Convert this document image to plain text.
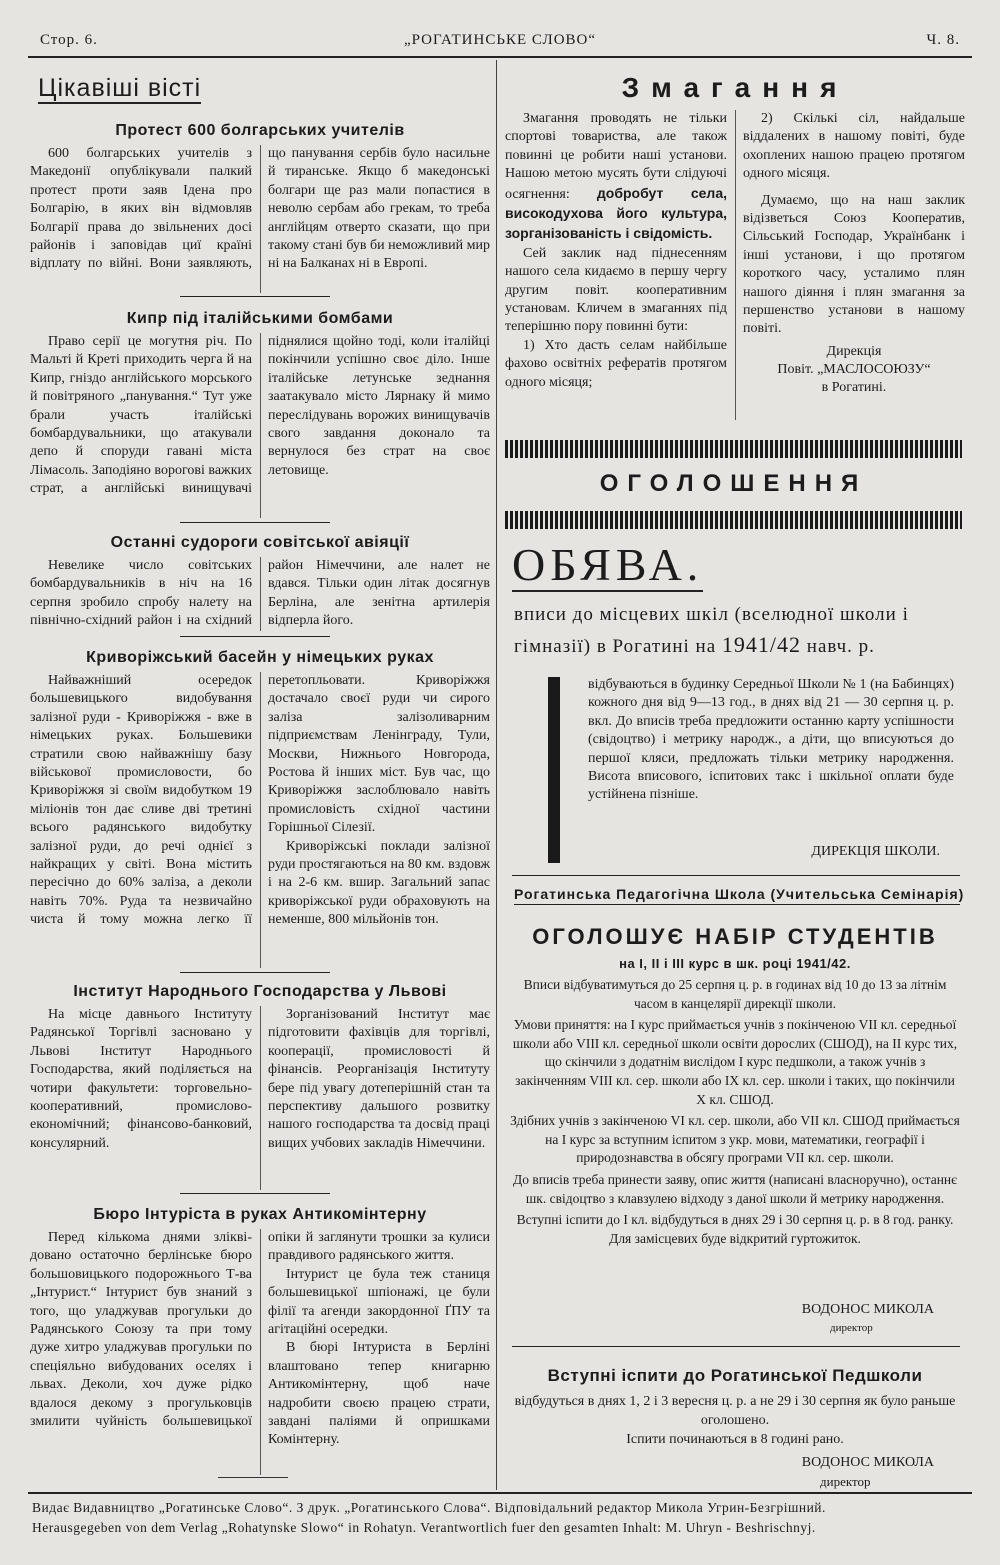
Стор. 6.	„РОГАТИНСЬКЕ СЛОВО“	Ч. 8.
Цікавіші вісті
Протест 600 болгарських учителів
600 болгарських учителів з Македонії опублікували палкий протест проти заяв Ідена про Болгарію, в яких він відмовляв Болгарії права до звільнених досі районів і заповідав циї країні відплату по війні. Вони заявляють, що панування сербів було насильне й тиранське. Якщо б македонські болгари ще раз мали попастися в неволю сербам або грекам, то треба англійцям отверто сказати, що при такому стані був би неможливий мир ні на Балканах ні в Европі.
Кипр під італійськими бомбами
Право серії це могутня річ. По Мальті й Креті приходить черга й на Кипр, гніздо англійського морського й повітряного „панування.“ Тут уже брали участь італійські бомбардувальники, що атакували депо й споруди гавані міста Лімасоль. Заподіяно ворогові важких страт, а англійські винищувачі піднялися щойно тоді, коли італійці покінчили успішно своє діло. Інше італійське летунське зеднання заатакувало місто Лярнаку й мимо переслідувань ворожих винищувачів свого завдання доконало та вернулося без страт на своє летовище.
Останні судороги совітської авіяції
Невелике число совітських бомбардувальників в ніч на 16 серпня зробило спробу налету на північно-східний район і на східний район Німеччини, але налет не вдався. Тільки один літак досягнув Берліна, але зенітна артилерія відперла його.
Криворіжський басейн у німецьких руках
Найважніший осередок большевицького видобування залізної руди - Криворіжжя - вже в німецьких руках. Большевики стратили свою найважнішу базу військової промисловости, бо Криворіжжя зі своїм видобутком 19 мілiонів тон дає сливе дві третині всього радянського видобутку залізної руди, до речі однієї з найкращих у світі. Вона містить пересічно до 60% заліза, а деколи навіть 70%. Руда та незвичайно чиста й тому можна легко її перетопльовати. Криворіжжя достачало своєї руди чи сирого заліза залізоливарним підприємствам Ленінграду, Тули, Москви, Нижнього Новгорода, Ростова й інших міст. Був час, що Криворіжжя заслоблювало навіть промисловість східної частини Горішньої Сілезії.
Криворіжські поклади залізної руди простягаються на 80 км. вздовж і на 2-6 км. вшир. Загальний запас криворіжської руди обраховують на неменше, 800 мільйонів тон.
Інститут Народнього Господарства у Львові
На місце давнього Інституту Радянської Торгівлі засновано у Львові Інститут Народнього Господарства, який поділяється на чотири факультети: торговельно-кооперативний, промислово-економічний; фінансово-банковий, консулярний.
Зорганізований Інститут має підготовити фахівців для торгівлі, кооперації, промисловості й фінансів. Реорганізація Інституту бере під увагу дотеперішній стан та перспективу дальшого розвитку нашого господарства та досвід праці вищих учбових закладів Німеччини.
Бюро Інтуріста в руках Антикомінтерну
Перед кількома днями зліквідовано остаточно берлінське бюро большовицького подорожнього Т-ва „Інтурист.“ Інтурист був знаний з того, що уладжував прогульки до Радянського Союзу та при тому дуже хитро уладжував прогульки по спеціяльно вибудованих оселях і львах. Деколи, хоч дуже рідко вдалося декому з прогульковців змилити чуйність большевицької опіки й заглянути трошки за кулиси правдивого радянського життя.
Інтурист це була теж станиця большевицької шпіонажі, це були філії та агенди закордонної ҐПУ та агітаційні осередки.
В бюрі Інтуриста в Берліні влаштовано тепер книгарню Антикомінтерну, щоб наче надробити своєю працею страти, завдані паліями й опришками Комінтерну.
Змагання
Змагання проводять не тільки спортові товариства, але також повинні це робити наші установи. Нашою метою мусять бути слідуючі осягнення: добробут села, високодухова його культура, зорганізованість і свідомість.
Сей заклик над піднесенням нашого села кидаємо в першу чергу другим повіт. кооперативним установам. Кличем в змаганнях під теперішню пору повинні бути:
1) Хто дасть селам найбільше фахово освітніх рефератів протягом одного місяця;
2) Скількі сіл, найдальше віддалених в нашому повіті, буде охоплених нашою працею протягом одного місяця.
Думаємо, що на наш заклик відізветься Союз Кооператив, Сільський Господар, Українбанк і інші установи, і що протягом короткого часу, усталимо плян нашого діяння і плян змагання за першенство установи в нашому повіті.
Дирекція
Повіт. „МАСЛОСОЮЗУ“
в Рогатині.
ОГОЛОШЕННЯ
ОБЯВА.
вписи до місцевих шкіл (вселюдної школи і гімназії) в Рогатині на 1941/42 навч. р.
відбуваються в будинку Середньої Школи № 1 (на Бабинцях) кожного дня від 9—13 год., в днях від 21 — 30 серпня ц. р. вкл. До вписів треба предложити останню карту успішности (свідоцтво) і метрику народж., а діти, що вписуються до першої кляси, предложать тільки метрику народження. Висота вписового, іспитових такс і шкільної оплати буде устійнена пізніше.
ДИРЕКЦІЯ ШКОЛИ.
Рогатинська Педагогічна Школа (Учительська Семінарія)
ОГОЛОШУЄ НАБІР СТУДЕНТІВ
на І, ІІ і ІІІ курс в шк. році 1941/42.
Вписи відбуватимуться до 25 серпня ц. р. в годинах від 10 до 13 за літнім часом в канцелярії дирекції школи.
Умови приняття: на І курс приймається учнів з покінченою VII кл. середньої школи або VIII кл. середньої школи освіти дорослих (СШОД), на II курс тих, що скінчили з додатнім вислідом І курс педшколи, а також учнів з закінченням VIII кл. сер. школи або IX кл. сер. школи і таких, що покінчили X кл. СШОД.
Здібних учнів з закінченою VI кл. сер. школи, або VII кл. СШОД приймається на І курс за вступним іспитом з укр. мови, математики, географії і природознавства в обсягу програми VII кл. сер. школи.
До вписів треба принести заяву, опис життя (написані власноручно), останнє шк. свідоцтво з клавзулею відходу з даної школи й метрику народження.
Вступні іспити до І кл. відбудуться в днях 29 і 30 серпня ц. р. в 8 год. ранку. Для замісцевих буде відкритий гуртожиток.
ВОДОНОС МИКОЛА
директор
Вступні іспити до Рогатинської Педшколи
відбудуться в днях 1, 2 і 3 вересня ц. р. а не 29 і 30 серпня як було раньше оголошено.
Іспити починаються в 8 годині рано.
ВОДОНОС МИКОЛА
директор
Видає Видавництво „Рогатинське Слово“. З друк. „Рогатинського Слова“. Відповідальний редактор Микола Угрин-Безгрішний.
Herausgegeben von dem Verlag „Rohatynske Slowo“ in Rohatyn. Verantwortlich fuer den gesamten Inhalt: M. Uhryn - Beshrischnyj.
